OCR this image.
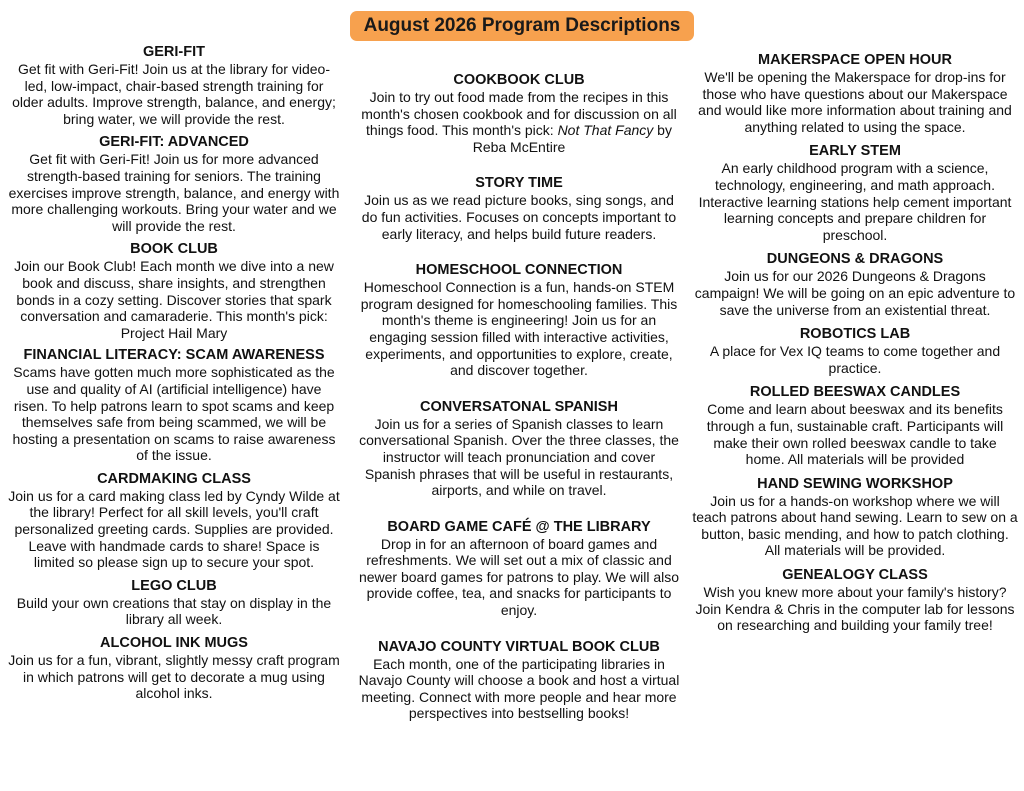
August 2026 Program Descriptions
GERI-FIT

Get fit with Geri-Fit! Join us at the library for video-led, low-impact, chair-based strength training for older adults. Improve strength, balance, and energy; bring water, we will provide the rest.

GERI-FIT: ADVANCED

Get fit with Geri-Fit! Join us for more advanced strength-based training for seniors. The training exercises improve strength, balance, and energy with more challenging workouts. Bring your water and we will provide the rest.

BOOK CLUB

Join our Book Club! Each month we dive into a new book and discuss, share insights, and strengthen bonds in a cozy setting. Discover stories that spark conversation and camaraderie. This month's pick: Project Hail Mary

FINANCIAL LITERACY: SCAM AWARENESS

Scams have gotten much more sophisticated as the use and quality of AI (artificial intelligence) have risen. To help patrons learn to spot scams and keep themselves safe from being scammed, we will be hosting a presentation on scams to raise awareness of the issue.

CARDMAKING CLASS

Join us for a card making class led by Cyndy Wilde at the library! Perfect for all skill levels, you'll craft personalized greeting cards. Supplies are provided. Leave with handmade cards to share! Space is limited so please sign up to secure your spot.

LEGO CLUB

Build your own creations that stay on display in the library all week.

ALCOHOL INK MUGS

Join us for a fun, vibrant, slightly messy craft program in which patrons will get to decorate a mug using alcohol inks.

COOKBOOK CLUB

Join to try out food made from the recipes in this month's chosen cookbook and for discussion on all things food. This month's pick: Not That Fancy by Reba McEntire

STORY TIME

Join us as we read picture books, sing songs, and do fun activities. Focuses on concepts important to early literacy, and helps build future readers.

HOMESCHOOL CONNECTION

Homeschool Connection is a fun, hands-on STEM program designed for homeschooling families. This month's theme is engineering! Join us for an engaging session filled with interactive activities, experiments, and opportunities to explore, create, and discover together.

CONVERSATONAL SPANISH

Join us for a series of Spanish classes to learn conversational Spanish. Over the three classes, the instructor will teach pronunciation and cover Spanish phrases that will be useful in restaurants, airports, and while on travel.

BOARD GAME CAFÉ @ THE LIBRARY

Drop in for an afternoon of board games and refreshments. We will set out a mix of classic and newer board games for patrons to play. We will also provide coffee, tea, and snacks for participants to enjoy.

NAVAJO COUNTY VIRTUAL BOOK CLUB

Each month, one of the participating libraries in Navajo County will choose a book and host a virtual meeting. Connect with more people and hear more perspectives into bestselling books!

MAKERSPACE OPEN HOUR

We'll be opening the Makerspace for drop-ins for those who have questions about our Makerspace and would like more information about training and anything related to using the space.

EARLY STEM

An early childhood program with a science, technology, engineering, and math approach. Interactive learning stations help cement important learning concepts and prepare children for preschool.

DUNGEONS & DRAGONS

Join us for our 2026 Dungeons & Dragons campaign! We will be going on an epic adventure to save the universe from an existential threat.

ROBOTICS LAB

A place for Vex IQ teams to come together and practice.

ROLLED BEESWAX CANDLES

Come and learn about beeswax and its benefits through a fun, sustainable craft. Participants will make their own rolled beeswax candle to take home. All materials will be provided

HAND SEWING WORKSHOP

Join us for a hands-on workshop where we will teach patrons about hand sewing. Learn to sew on a button, basic mending, and how to patch clothing. All materials will be provided.

GENEALOGY CLASS

Wish you knew more about your family's history? Join Kendra & Chris in the computer lab for lessons on researching and building your family tree!
